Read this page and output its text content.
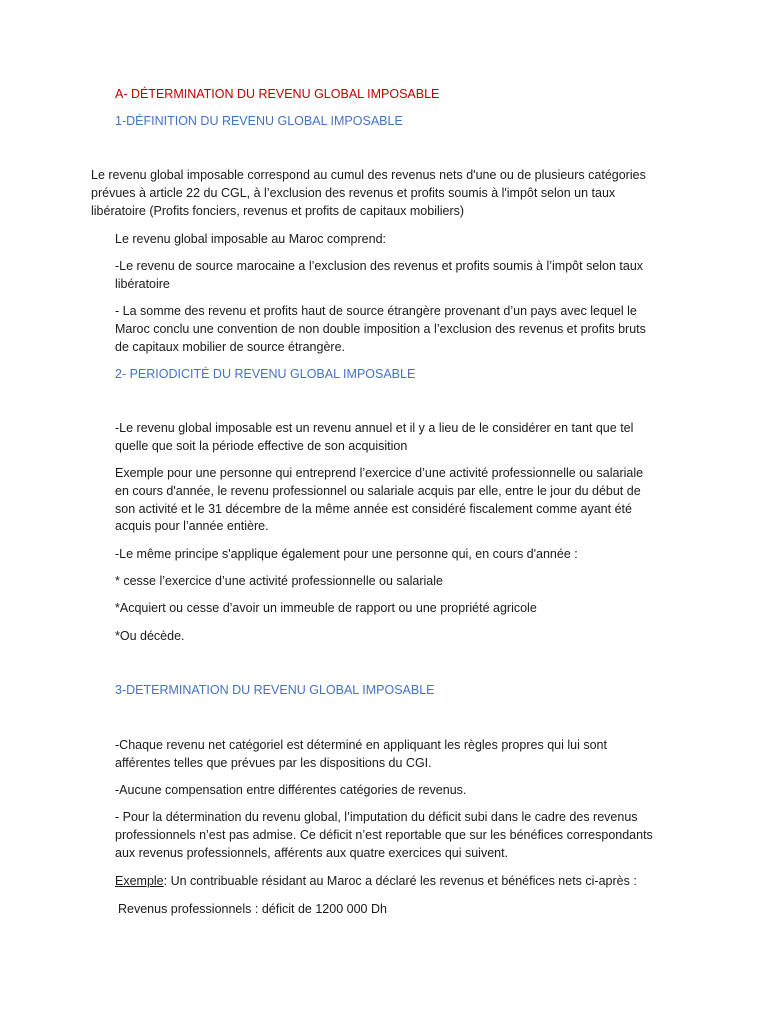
A- DÉTERMINATION DU REVENU GLOBAL IMPOSABLE

1-DÉFINITION DU REVENU GLOBAL IMPOSABLE

Le revenu global imposable correspond au cumul des revenus nets d'une ou de plusieurs catégories

prévues à article 22 du CGL, à l’exclusion des revenus et profits soumis à l'impôt selon un taux

libératoire (Profits fonciers, revenus et profits de capitaux mobiliers)

Le revenu global imposable au Maroc comprend:

-Le revenu de source marocaine a l’exclusion des revenus et profits soumis à l’impôt selon taux

libératoire

- La somme des revenu et profits haut de source étrangère provenant d’un pays avec lequel le

Maroc conclu une convention de non double imposition a l’exclusion des revenus et profits bruts

de capitaux mobilier de source étrangère.

2- PERIODICITÉ DU REVENU GLOBAL IMPOSABLE

-Le revenu global imposable est un revenu annuel et il y a lieu de le considérer en tant que tel

quelle que soit la période effective de son acquisition

Exemple pour une personne qui entreprend l’exercice d’une activité professionnelle ou salariale

en cours d'année, le revenu professionnel ou salariale acquis par elle, entre le jour du début de

son activité et le 31 décembre de la même année est considéré fiscalement comme ayant été

acquis pour l’année entière.

-Le même principe s'applique également pour une personne qui, en cours d'année :

* cesse l’exercice d’une activité professionnelle ou salariale

*Acquiert ou cesse d’avoir un immeuble de rapport ou une propriété agricole

*Ou décède.

3-DETERMINATION DU REVENU GLOBAL IMPOSABLE

-Chaque revenu net catégoriel est déterminé en appliquant les règles propres qui lui sont

afférentes telles que prévues par les dispositions du CGI.

-Aucune compensation entre différentes catégories de revenus.

- Pour la détermination du revenu global, l’imputation du déficit subi dans le cadre des revenus

professionnels n’est pas admise. Ce déficit n’est reportable que sur les bénéfices correspondants

aux revenus professionnels, afférents aux quatre exercices qui suivent.

Exemple: Un contribuable résidant au Maroc a déclaré les revenus et bénéfices nets ci-après :

Revenus professionnels : déficit de 1200 000 Dh
